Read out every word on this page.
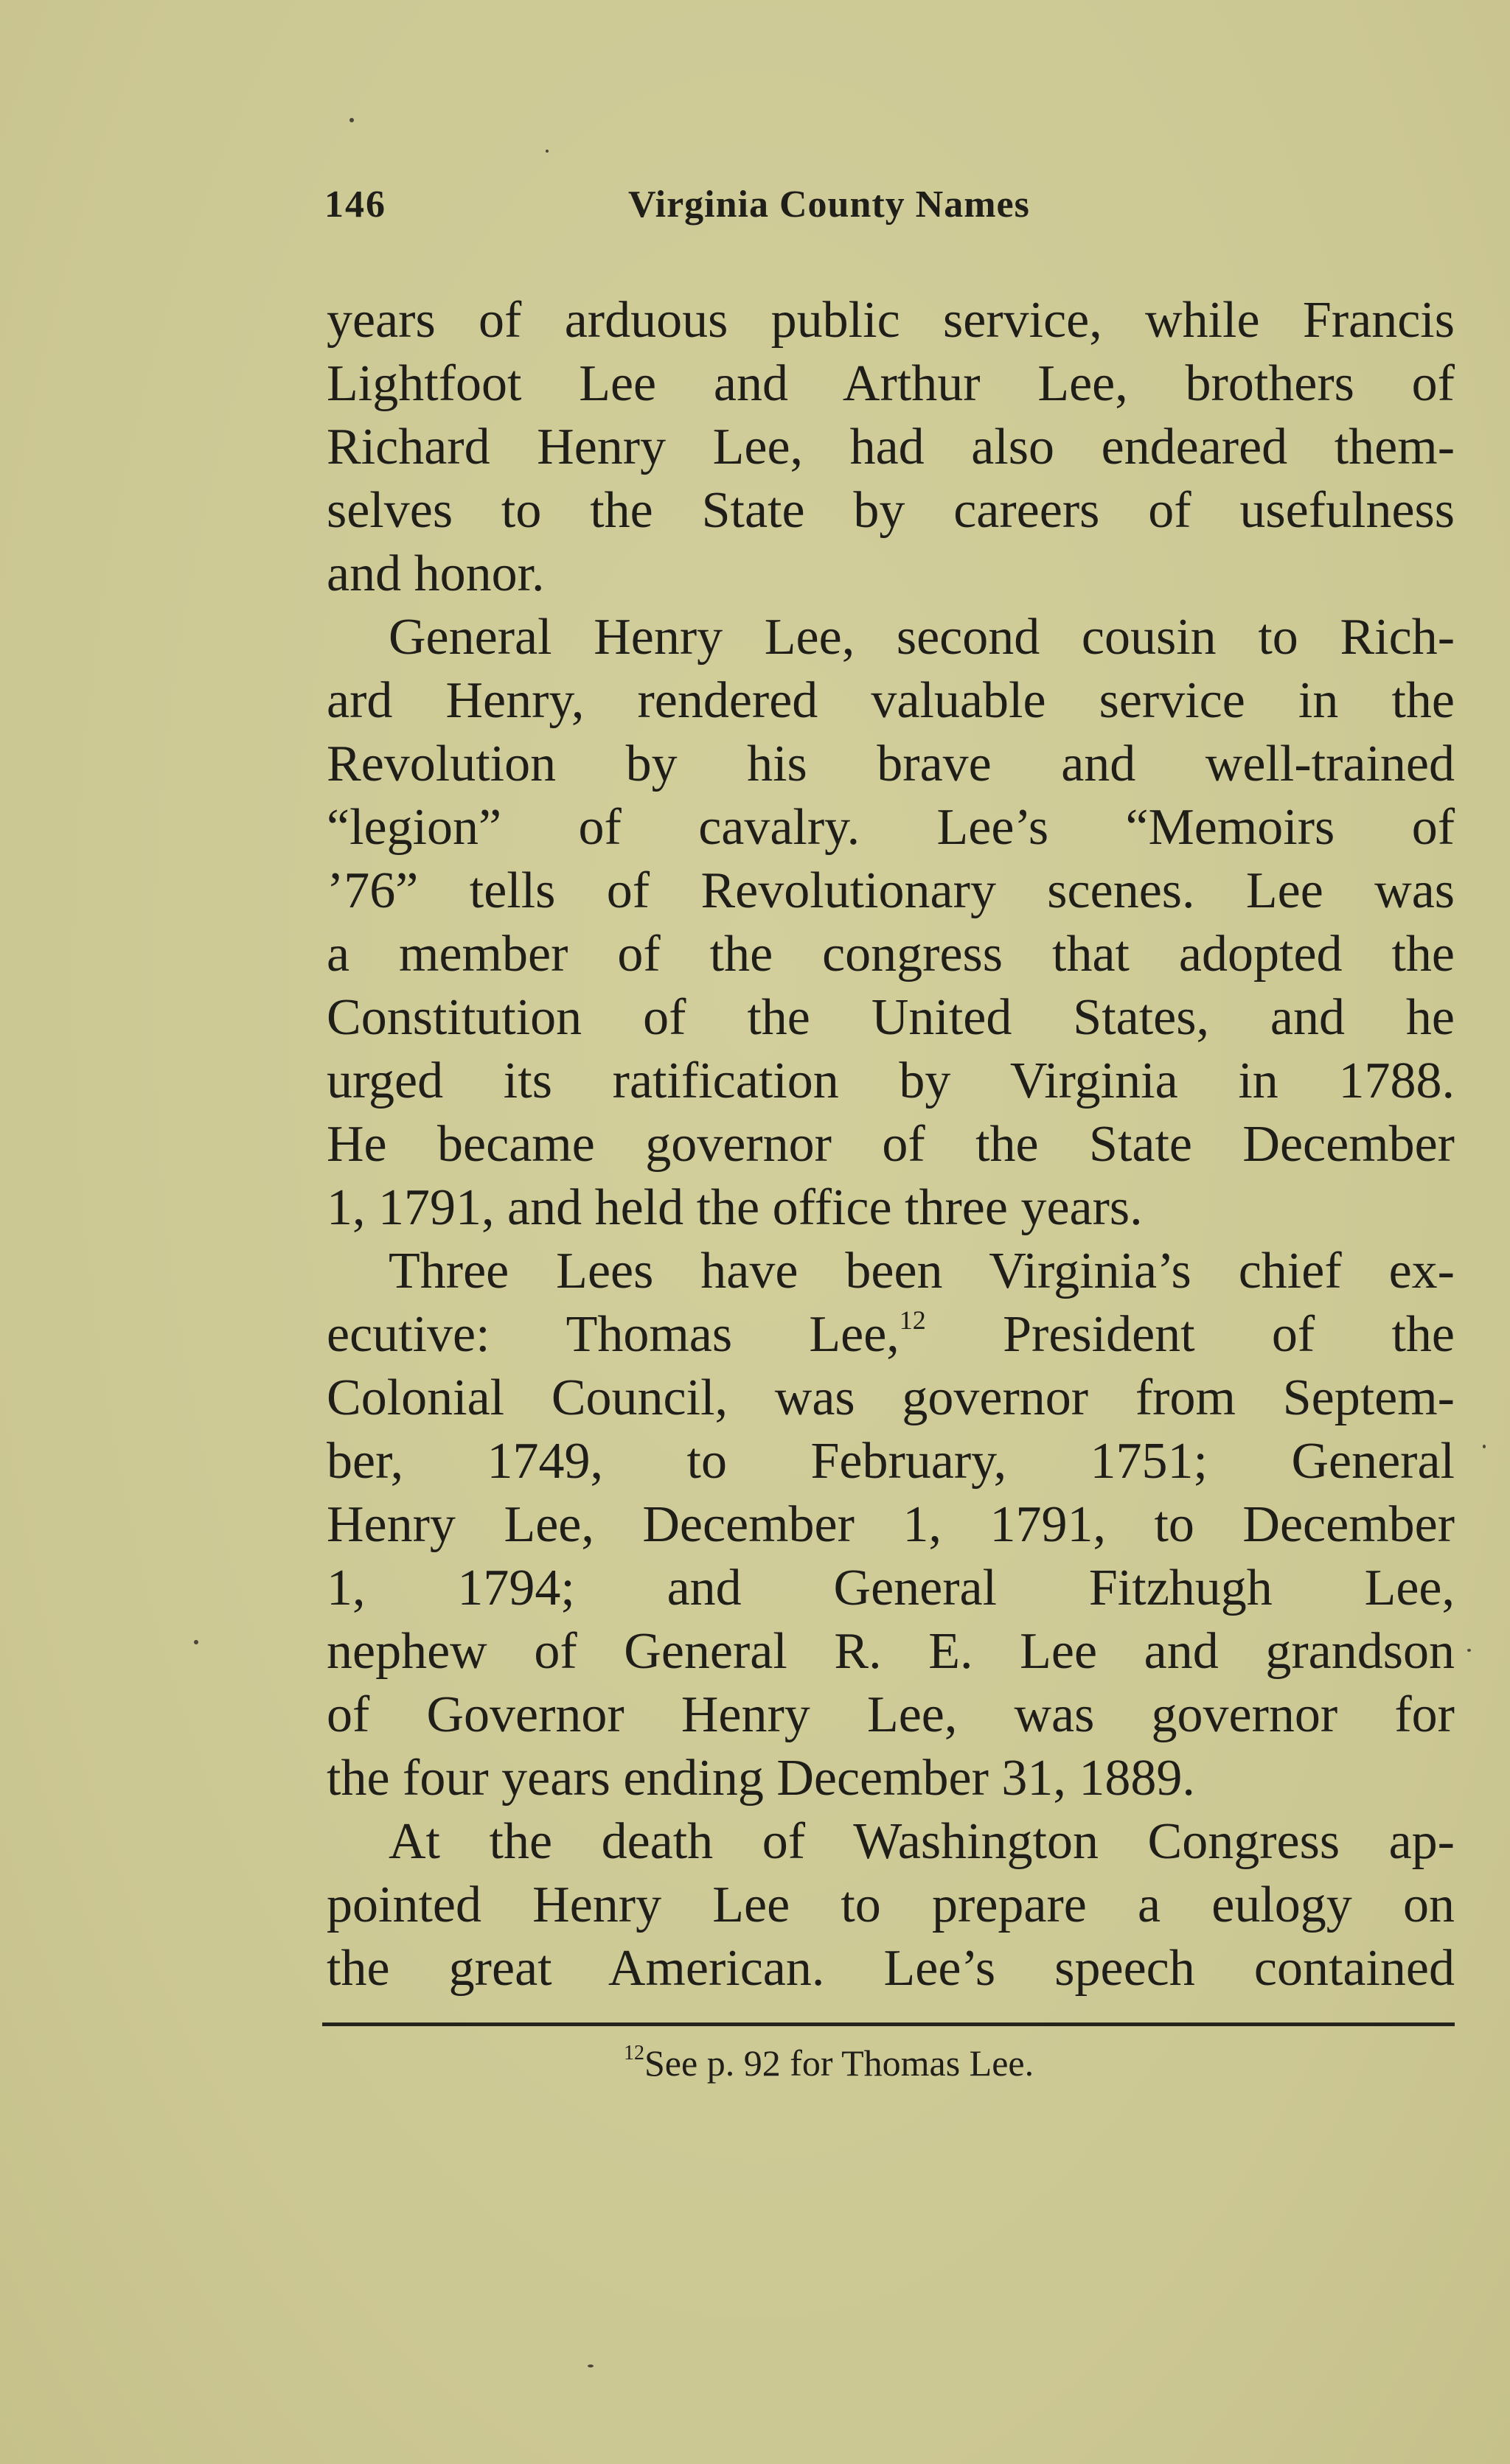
146	Virginia County Names
years of arduous public service, while Francis
Lightfoot Lee and Arthur Lee, brothers of
Richard Henry Lee, had also endeared them-
selves to the State by careers of usefulness
and honor.
General Henry Lee, second cousin to Rich-
ard Henry, rendered valuable service in the
Revolution by his brave and well-trained
“legion” of cavalry. Lee’s “Memoirs of
’76” tells of Revolutionary scenes. Lee was
a member of the congress that adopted the
Constitution of the United States, and he
urged its ratification by Virginia in 1788.
He became governor of the State December
1, 1791, and held the office three years.
Three Lees have been Virginia’s chief ex-
ecutive: Thomas Lee,$^{12}$ President of the
Colonial Council, was governor from Septem-
ber, 1749, to February, 1751; General
Henry Lee, December 1, 1791, to December
1, 1794; and General Fitzhugh Lee,
nephew of General R. E. Lee and grandson
of Governor Henry Lee, was governor for
the four years ending December 31, 1889.
At the death of Washington Congress ap-
pointed Henry Lee to prepare a eulogy on
the great American. Lee’s speech contained
$^{12}$See p. 92 for Thomas Lee.
